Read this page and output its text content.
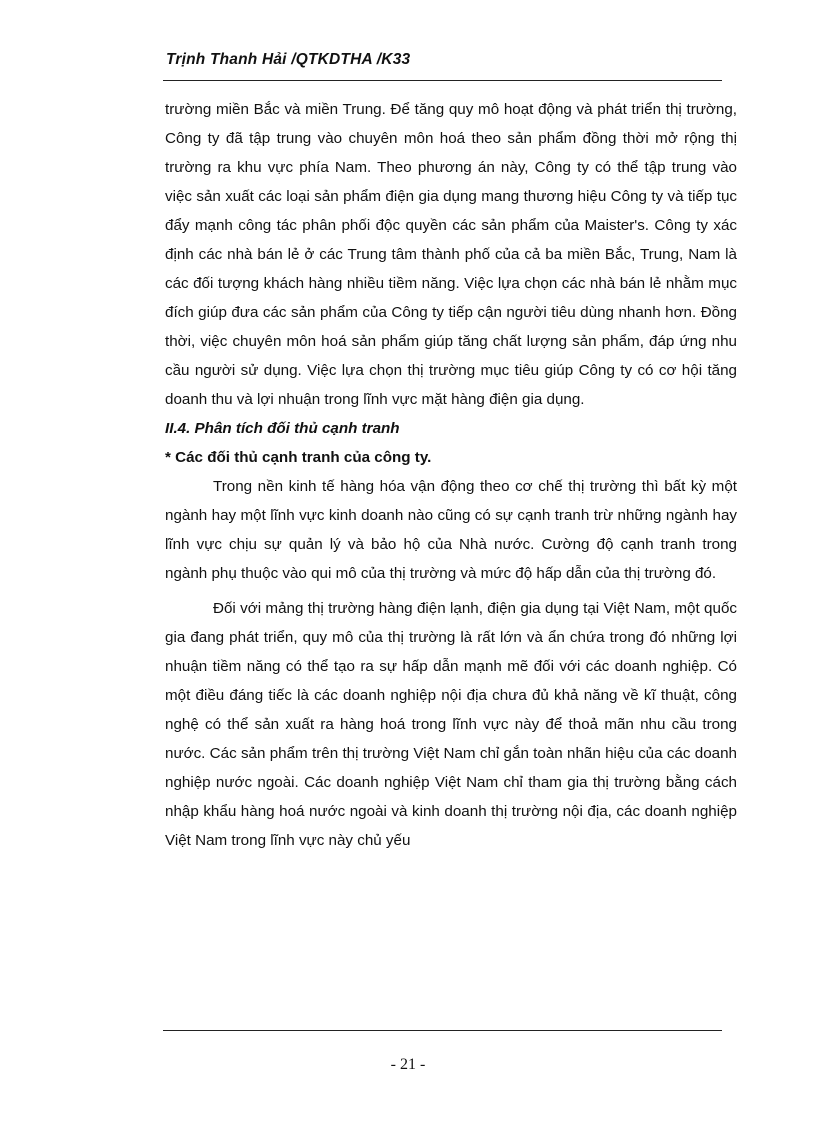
Trịnh Thanh Hải /QTKDTHA /K33

trường miền Bắc và miền Trung. Để tăng quy mô hoạt động và phát triển thị trường, Công ty đã tập trung vào chuyên môn hoá theo sản phẩm đồng thời mở rộng thị trường ra khu vực phía Nam. Theo phương án này, Công ty có thể tập trung vào việc sản xuất các loại sản phẩm điện gia dụng mang thương hiệu Công ty và tiếp tục đẩy mạnh công tác phân phối độc quyền các sản phẩm của Maister's. Công ty xác định các nhà bán lẻ ở các Trung tâm thành phố của cả ba miền Bắc, Trung, Nam là các đối tượng khách hàng nhiều tiềm năng. Việc lựa chọn các nhà bán lẻ nhằm mục đích giúp đưa các sản phẩm của Công ty tiếp cận người tiêu dùng nhanh hơn. Đồng thời, việc chuyên môn hoá sản phẩm giúp tăng chất lượng sản phẩm, đáp ứng nhu cầu người sử dụng. Việc lựa chọn thị trường mục tiêu giúp Công ty có cơ hội tăng doanh thu và lợi nhuận trong lĩnh vực mặt hàng điện gia dụng.

II.4. Phân tích đối thủ cạnh tranh

* Các đối thủ cạnh tranh của công ty.

Trong nền kinh tế hàng hóa vận động theo cơ chế thị trường thì bất kỳ một ngành hay một lĩnh vực kinh doanh nào cũng có sự cạnh tranh trừ những ngành hay lĩnh vực chịu sự quản lý và bảo hộ của Nhà nước. Cường độ cạnh tranh trong ngành phụ thuộc vào qui mô của thị trường và mức độ hấp dẫn của thị trường đó.

Đối với mảng thị trường hàng điện lạnh, điện gia dụng tại Việt Nam, một quốc gia đang phát triển, quy mô của thị trường là rất lớn và ẩn chứa trong đó những lợi nhuận tiềm năng có thể tạo ra sự hấp dẫn mạnh mẽ đối với các doanh nghiệp. Có một điều đáng tiếc là các doanh nghiệp nội địa chưa đủ khả năng về kĩ thuật, công nghệ có thể sản xuất ra hàng hoá trong lĩnh vực này để thoả mãn nhu cầu trong nước. Các sản phẩm trên thị trường Việt Nam chỉ gắn toàn nhãn hiệu của các doanh nghiệp nước ngoài. Các doanh nghiệp Việt Nam chỉ tham gia thị trường bằng cách nhập khẩu hàng hoá nước ngoài và kinh doanh thị trường nội địa, các doanh nghiệp Việt Nam trong lĩnh vực này chủ yếu

- 21 -
